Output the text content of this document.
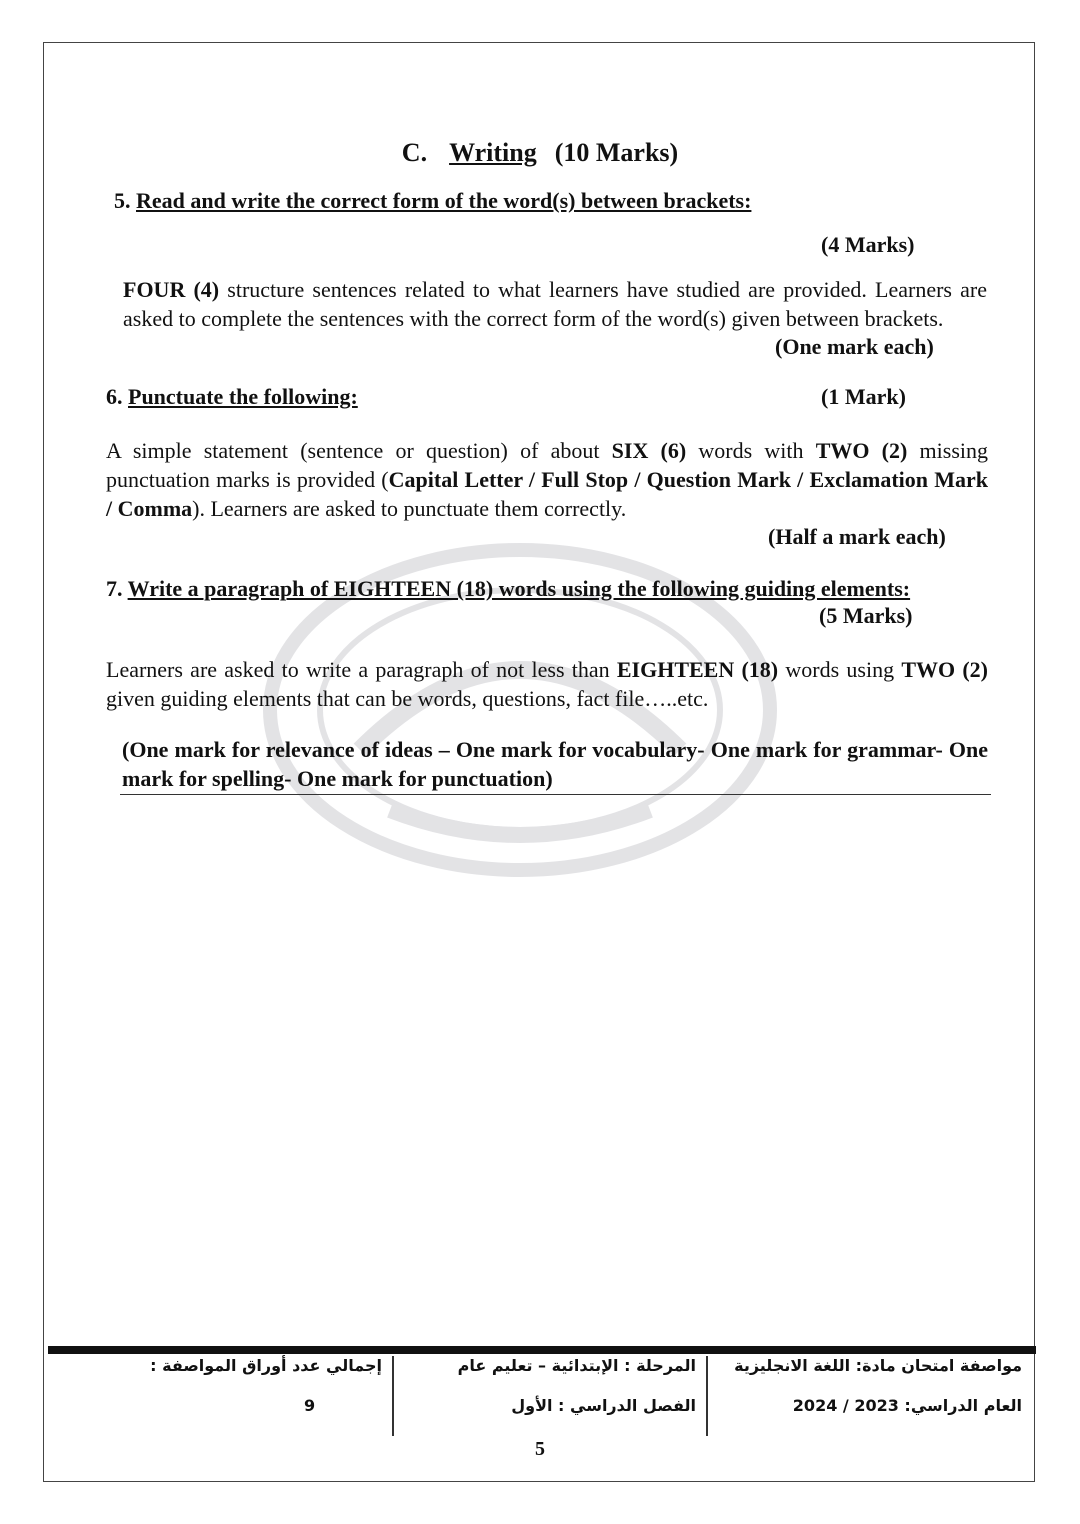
C. Writing (10 Marks)
5. Read and write the correct form of the word(s) between brackets:
(4 Marks)
FOUR (4) structure sentences related to what learners have studied are provided. Learners are asked to complete the sentences with the correct form of the word(s) given between brackets.
(One mark each)
6. Punctuate the following:	(1 Mark)
A simple statement (sentence or question) of about SIX (6) words with TWO (2) missing punctuation marks is provided (Capital Letter / Full Stop / Question Mark / Exclamation Mark / Comma). Learners are asked to punctuate them correctly.
(Half a mark each)
7. Write a paragraph of EIGHTEEN (18) words using the following guiding elements:
(5 Marks)
Learners are asked to write a paragraph of not less than EIGHTEEN (18) words using TWO (2) given guiding elements that can be words, questions, fact file…..etc.
(One mark for relevance of ideas – One mark for vocabulary- One mark for grammar- One mark for spelling- One mark for punctuation)
مواصفة امتحان مادة: اللغة الانجليزية
العام الدراسي: 2023 / 2024
المرحلة : الإبتدائية – تعليم عام
الفصل الدراسي : الأول
إجمالي عدد أوراق المواصفة :
9
5
